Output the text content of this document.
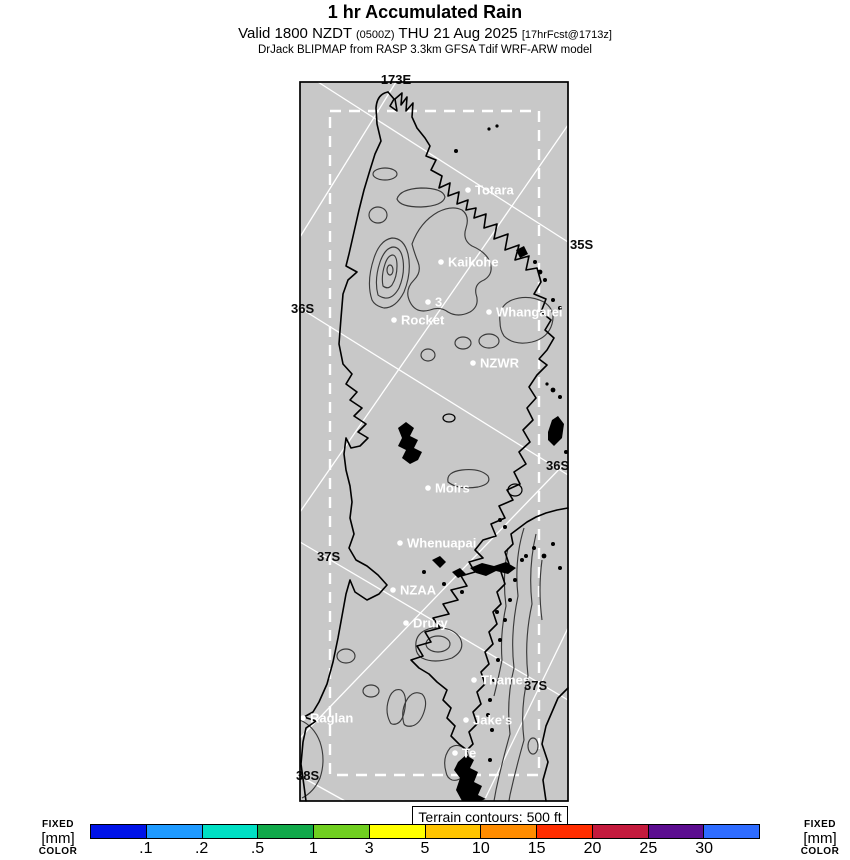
1 hr Accumulated Rain
Valid 1800 NZDT (0500Z) THU 21 Aug 2025 [17hrFcst@1713z]
DrJack BLIPMAP from RASP 3.3km GFSA Tdif WRF-ARW model
Totara
Kaikohe
3
Rocket
Whangarei
NZWR
Moirs
Whenuapai
NZAA
Drury
Thames
Raglan	Jake's
Te
173E
35S
36S
36S
37S
37S
38S
Terrain contours: 500 ft
FIXED
[mm]
COLOR	.1	.2	.5	1	3	5	10 15 20 25 30
FIXED
[mm]
COLOR
